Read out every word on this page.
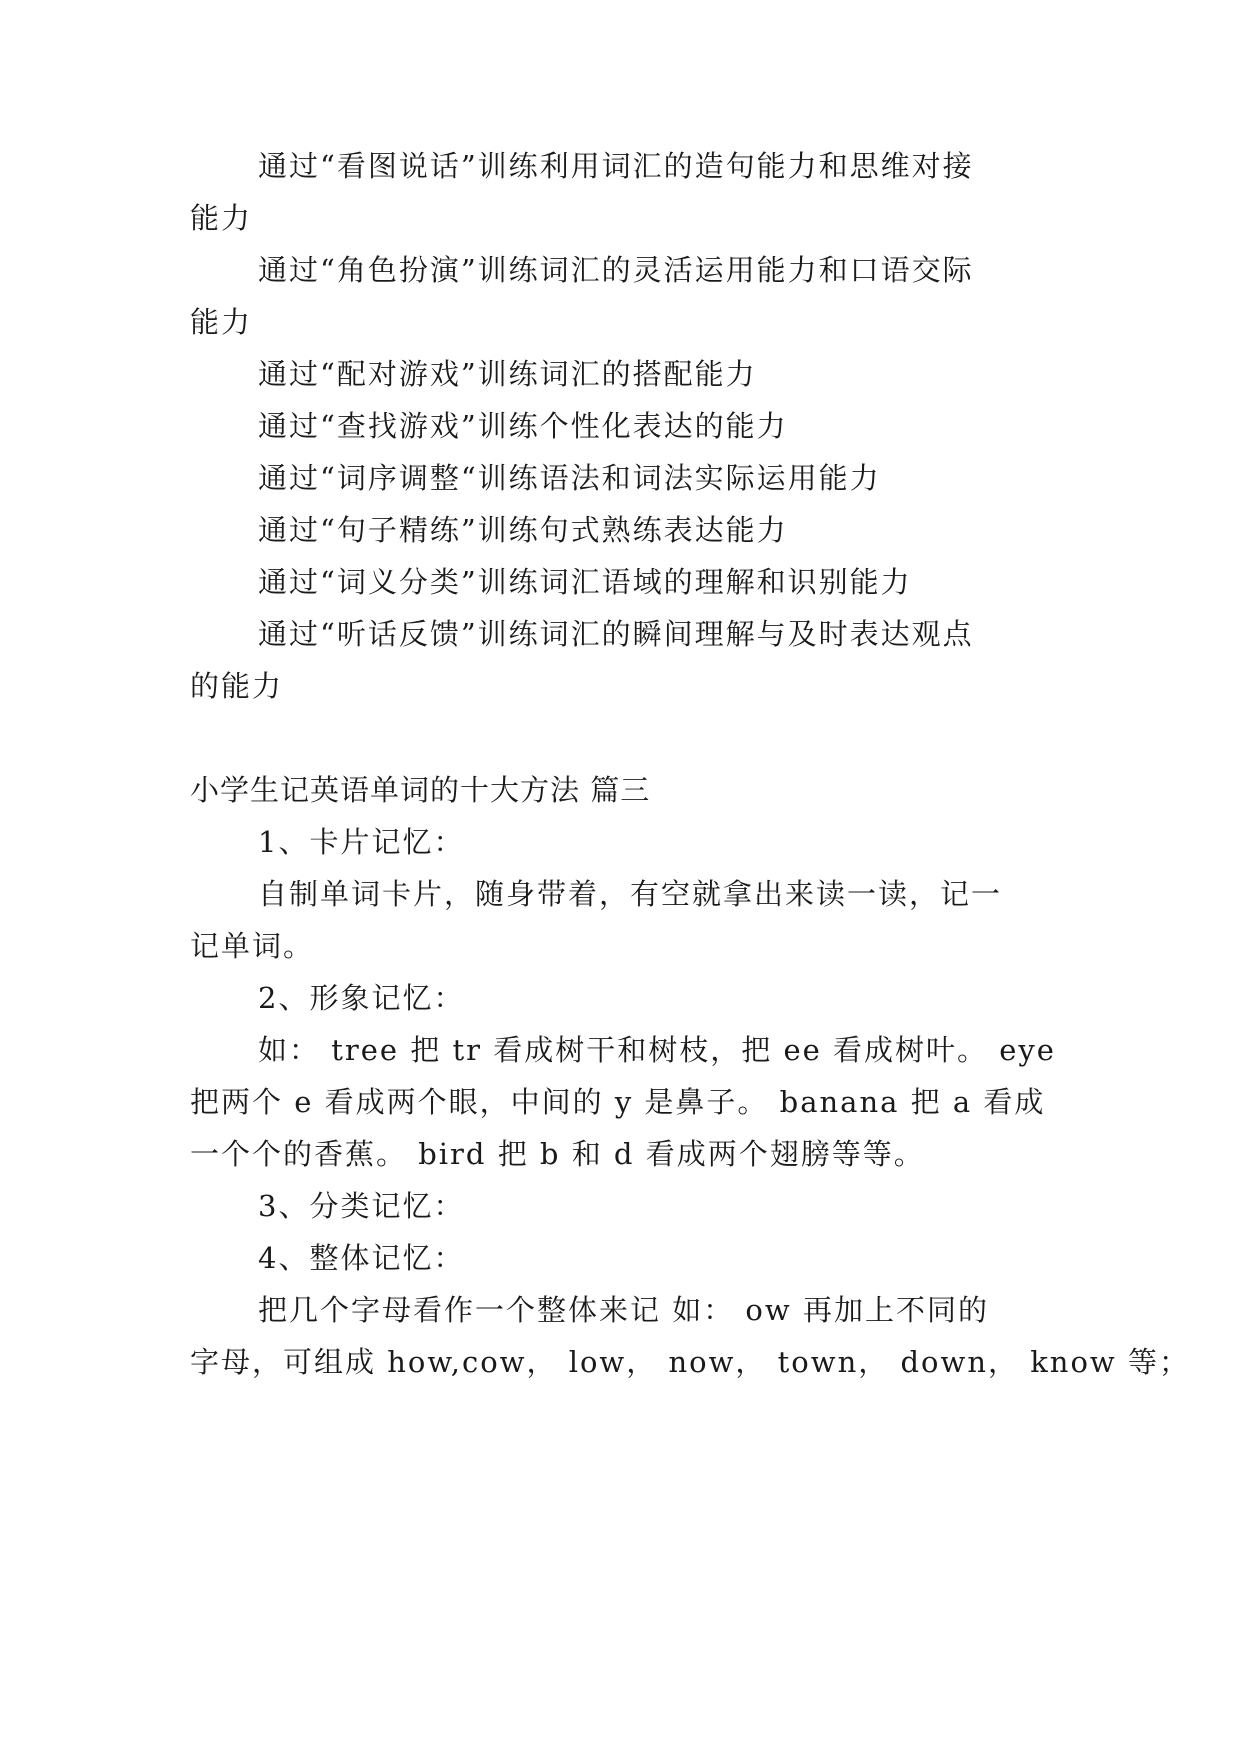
通过“看图说话”训练利用词汇的造句能力和思维对接
能力
通过“角色扮演”训练词汇的灵活运用能力和口语交际
能力
通过“配对游戏”训练词汇的搭配能力
通过“查找游戏”训练个性化表达的能力
通过“词序调整“训练语法和词法实际运用能力
通过“句子精练”训练句式熟练表达能力
通过“词义分类”训练词汇语域的理解和识别能力
通过“听话反馈”训练词汇的瞬间理解与及时表达观点
的能力
小学生记英语单词的十大方法 篇三
1、卡片记忆：
自制单词卡片，随身带着，有空就拿出来读一读，记一
记单词。
2、形象记忆：
如： tree 把 tr 看成树干和树枝，把 ee 看成树叶。 eye
把两个 e 看成两个眼，中间的 y 是鼻子。 banana 把 a 看成
一个个的香蕉。 bird 把 b 和 d 看成两个翅膀等等。
3、分类记忆：
4、整体记忆：
把几个字母看作一个整体来记 如： ow 再加上不同的
字母，可组成 how,cow， low， now， town， down， know 等；
